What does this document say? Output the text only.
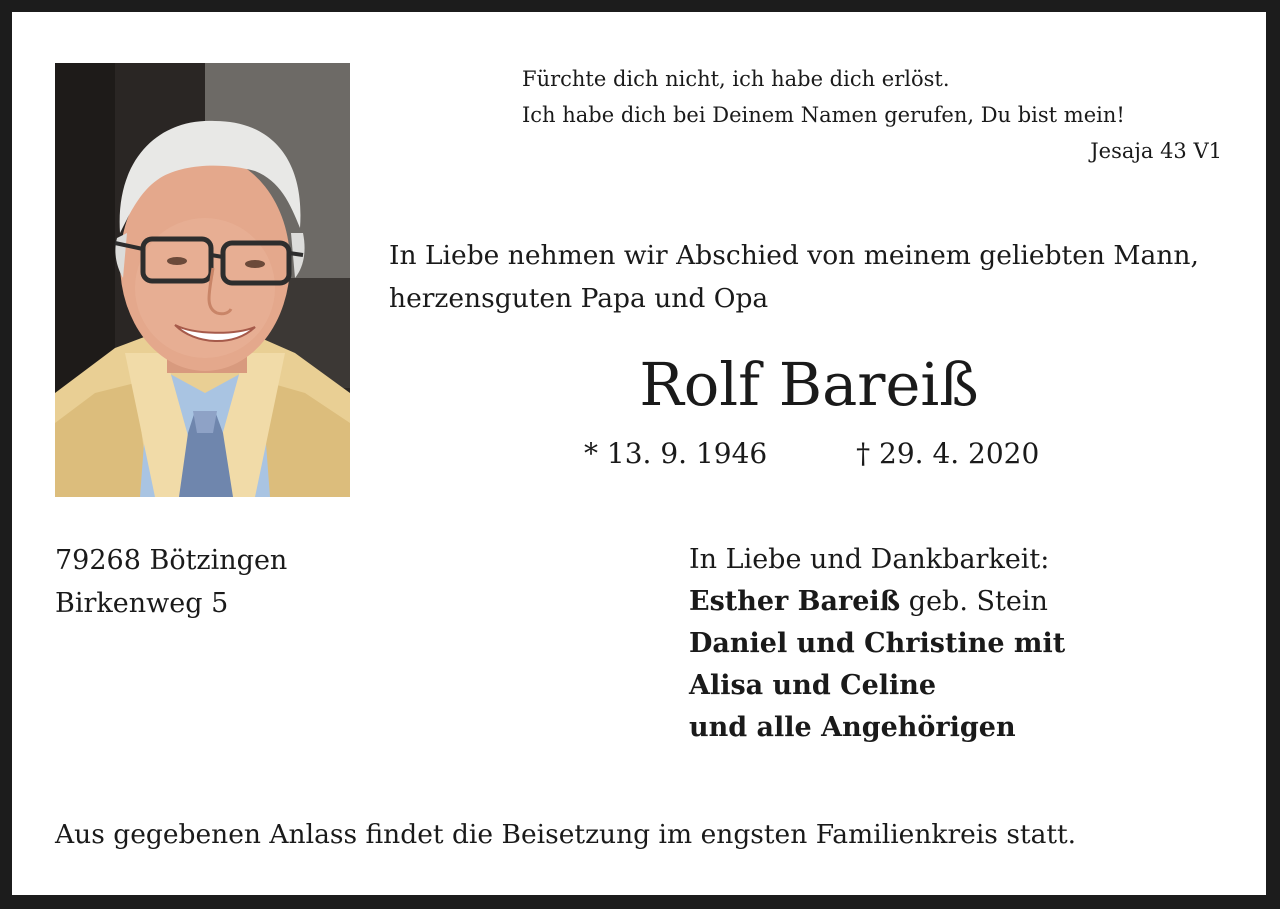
Fürchte dich nicht, ich habe dich erlöst.
Ich habe dich bei Deinem Namen gerufen, Du bist mein!
Jesaja 43 V1
In Liebe nehmen wir Abschied von meinem geliebten Mann,
herzensguten Papa und Opa
Rolf Bareiß
* 13. 9. 1946	† 29. 4. 2020
79268 Bötzingen
Birkenweg 5
In Liebe und Dankbarkeit:
Esther Bareiß geb. Stein
Daniel und Christine mit
Alisa und Celine
und alle Angehörigen
Aus gegebenen Anlass findet die Beisetzung im engsten Familienkreis statt.
